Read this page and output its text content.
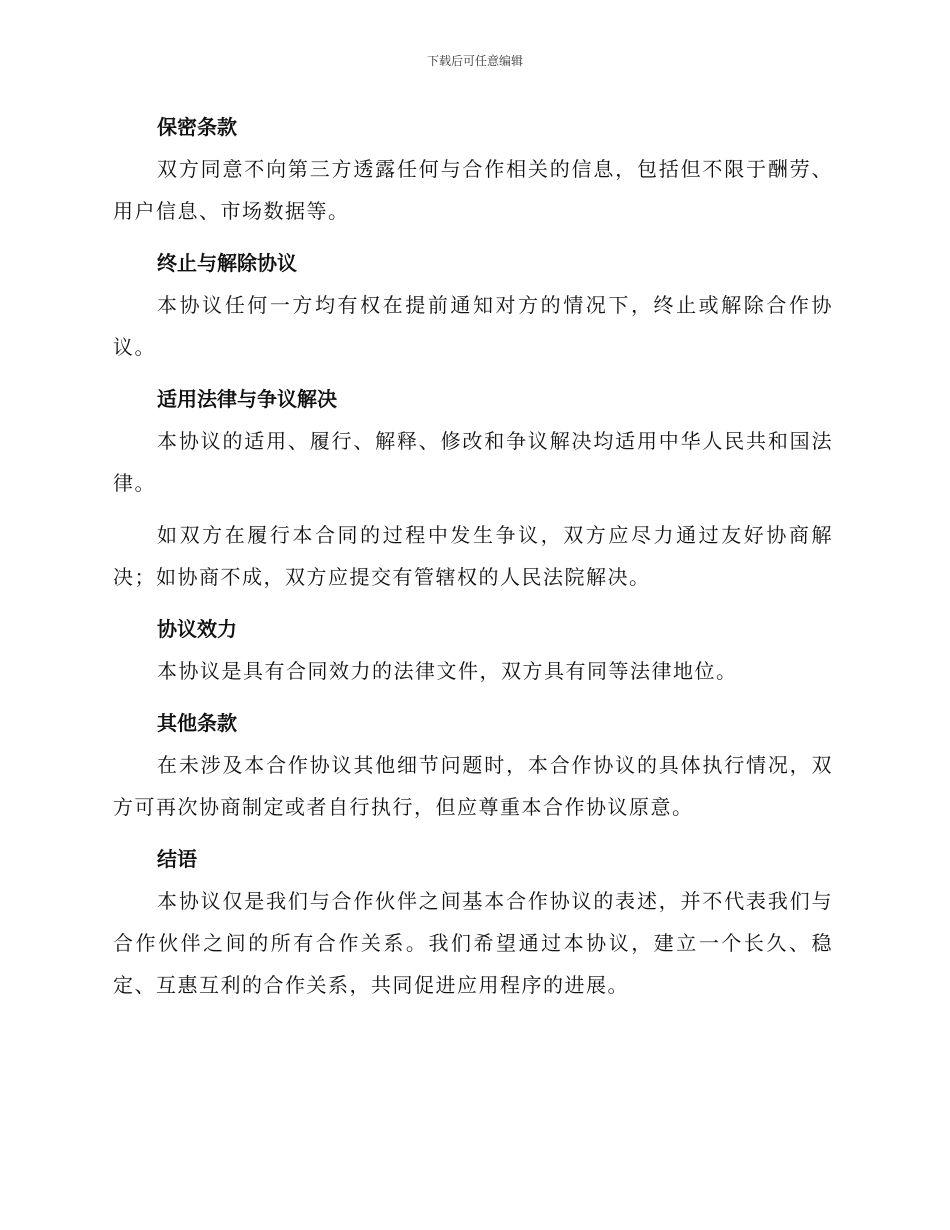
下载后可任意编辑

保密条款

双方同意不向第三方透露任何与合作相关的信息，包括但不限于酬劳、用户信息、市场数据等。

终止与解除协议

本协议任何一方均有权在提前通知对方的情况下，终止或解除合作协议。

适用法律与争议解决

本协议的适用、履行、解释、修改和争议解决均适用中华人民共和国法律。

如双方在履行本合同的过程中发生争议，双方应尽力通过友好协商解决；如协商不成，双方应提交有管辖权的人民法院解决。

协议效力

本协议是具有合同效力的法律文件，双方具有同等法律地位。

其他条款

在未涉及本合作协议其他细节问题时，本合作协议的具体执行情况，双方可再次协商制定或者自行执行，但应尊重本合作协议原意。

结语

本协议仅是我们与合作伙伴之间基本合作协议的表述，并不代表我们与合作伙伴之间的所有合作关系。我们希望通过本协议，建立一个长久、稳定、互惠互利的合作关系，共同促进应用程序的进展。
